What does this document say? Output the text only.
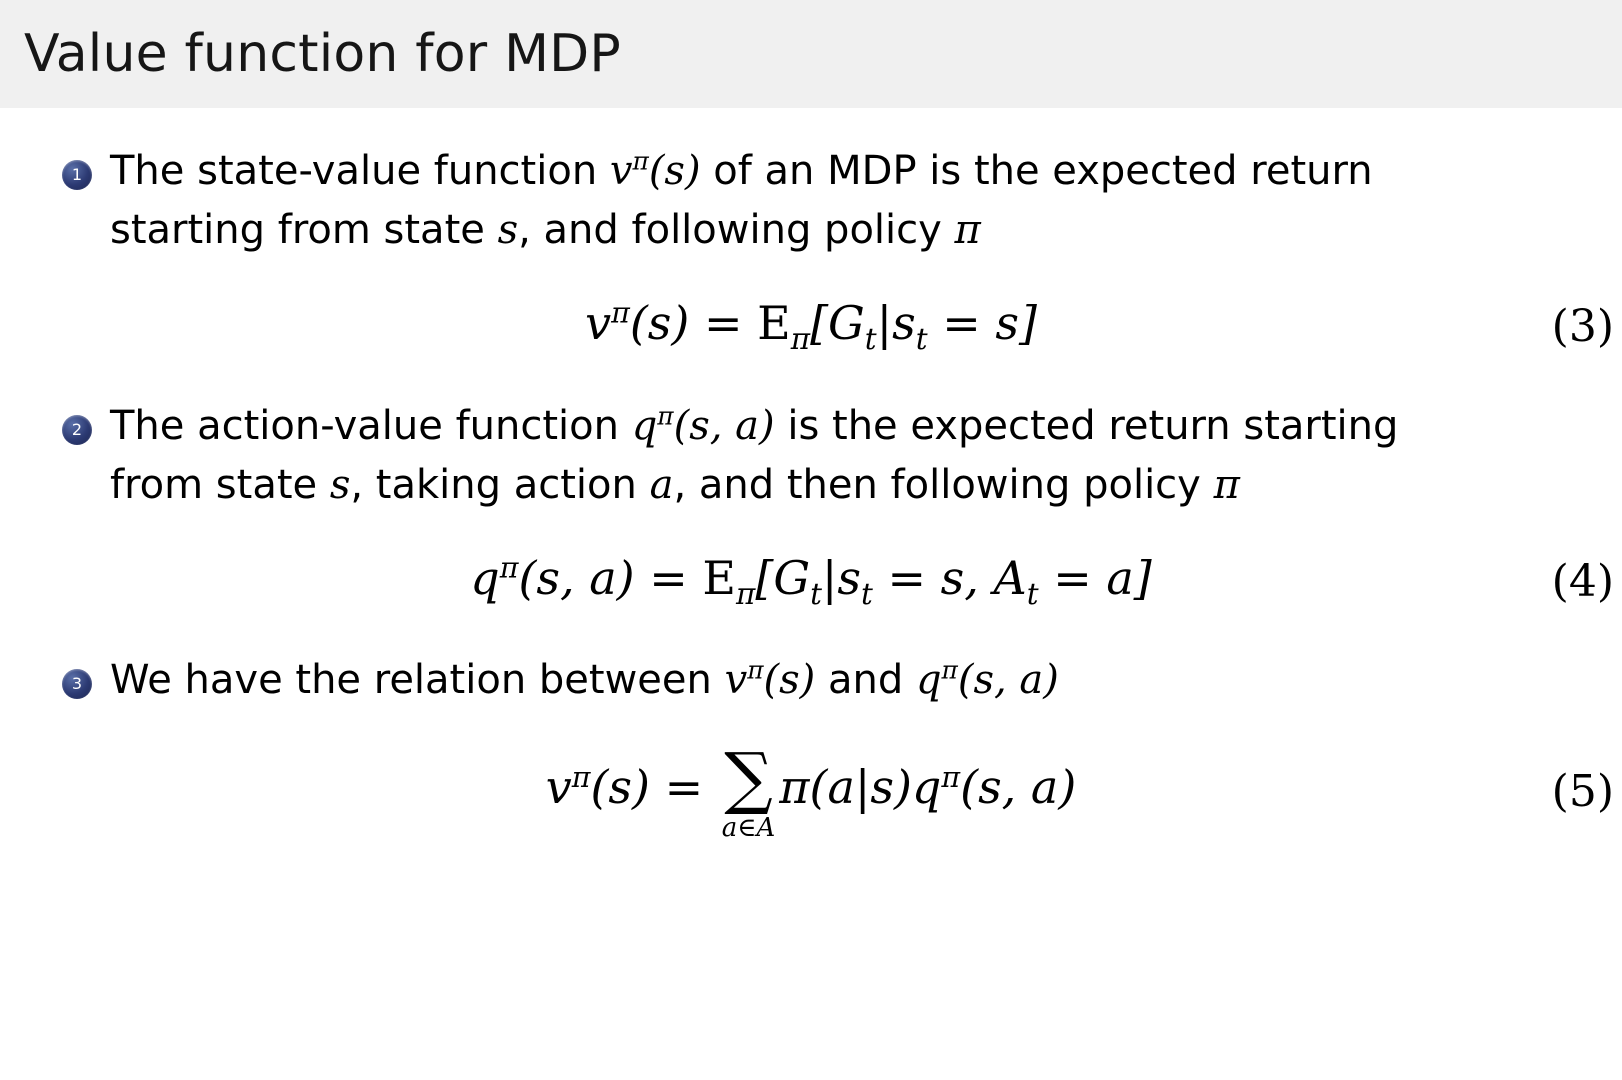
Value function for MDP
1 The state-value function $v^\pi(s)$ of an MDP is the expected return starting from state s, and following policy π
$v^\pi(s) = E_\pi[G_t|s_t = s]$	(3)
2 The action-value function $q^\pi(s$, a) is the expected return starting from state s, taking action a, and then following policy π
$q^\pi(s$, $a) = E_\pi[G_t|s_t = s$, $A_t = a$]	(4)
3 We have the relation between $v^\pi(s)$ and $q^\pi(s$, a)
$v^\pi(s)$ = ∑
a∈A
$\pi(a|s)q^\pi(s$, a)	(5)
